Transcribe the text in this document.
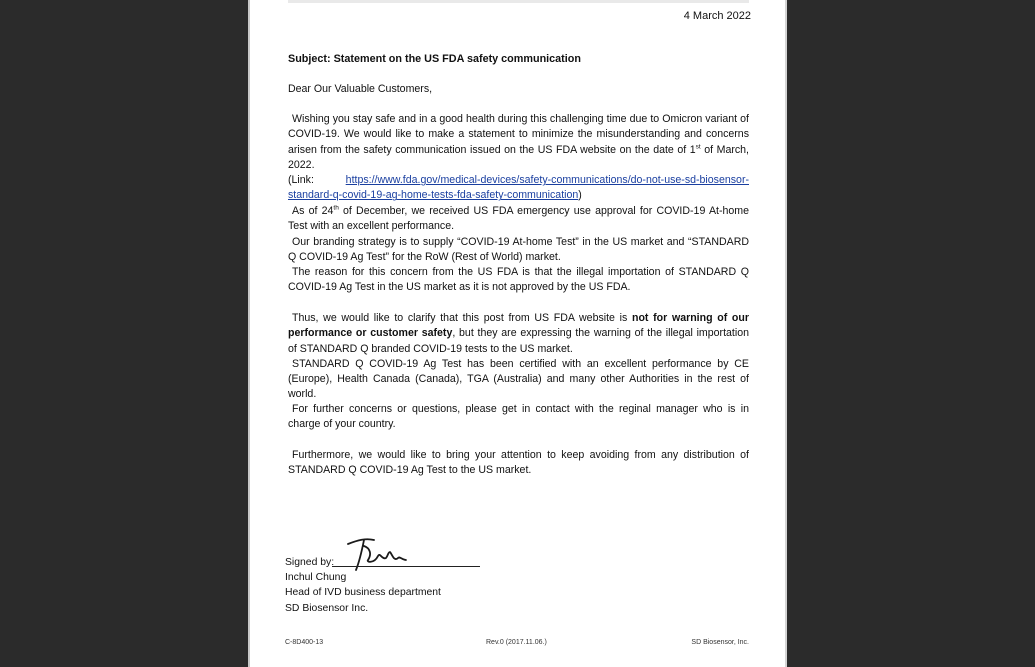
4 March 2022
Subject: Statement on the US FDA safety communication
Dear Our Valuable Customers,

Wishing you stay safe and in a good health during this challenging time due to Omicron variant of COVID-19. We would like to make a statement to minimize the misunderstanding and concerns arisen from the safety communication issued on the US FDA website on the date of 1st of March, 2022.

(Link: https://www.fda.gov/medical-devices/safety-communications/do-not-use-sd-biosensor-standard-q-covid-19-ag-home-tests-fda-safety-communication)

As of 24th of December, we received US FDA emergency use approval for COVID-19 At-home Test with an excellent performance.

Our branding strategy is to supply “COVID-19 At-home Test” in the US market and “STANDARD Q COVID-19 Ag Test” for the RoW (Rest of World) market.

The reason for this concern from the US FDA is that the illegal importation of STANDARD Q COVID-19 Ag Test in the US market as it is not approved by the US FDA.

Thus, we would like to clarify that this post from US FDA website is not for warning of our performance or customer safety, but they are expressing the warning of the illegal importation of STANDARD Q branded COVID-19 tests to the US market.

STANDARD Q COVID-19 Ag Test has been certified with an excellent performance by CE (Europe), Health Canada (Canada), TGA (Australia) and many other Authorities in the rest of world.

For further concerns or questions, please get in contact with the reginal manager who is in charge of your country.

Furthermore, we would like to bring your attention to keep avoiding from any distribution of STANDARD Q COVID-19 Ag Test to the US market.

Signed by:
Inchul Chung
Head of IVD business department
SD Biosensor Inc.
C-8D400-13	Rev.0 (2017.11.06.)	SD Biosensor, Inc.
